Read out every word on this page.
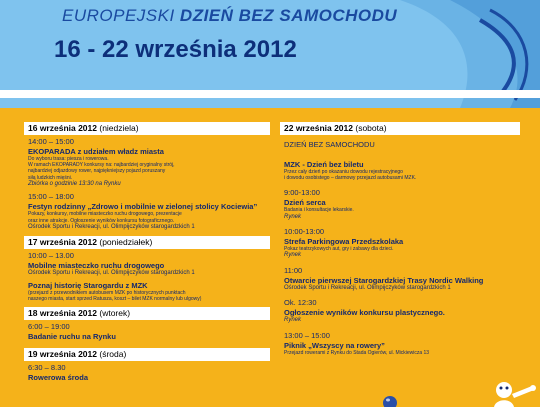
EUROPEJSKI DZIEŃ BEZ SAMOCHODU
16 - 22 września 2012
16 września 2012 (niedziela)
14:00 – 15:00
EKOPARADA z udziałem władz miasta
Do wyboru trasa: piesza i rowerowa.
W ramach EKOPARADY konkursy na: najbardziej oryginalny strój,
najbardziej odjazdowy rower, najpiękniejszy pojazd poruszany
siłą ludzkich mięśni.
Zbiórka o godzinie 13:30 na Rynku
15:00 – 18:00
Festyn rodzinny „Zdrowo i mobilnie w zielonej stolicy Kociewia”
Pokazy, konkursy, mobilne miasteczko ruchu drogowego, prezentacje
oraz inne atrakcje. Ogłoszenie wyników konkursu fotograficznego.
Ośrodek Sportu i Rekreacji, ul. Olimpijczyków starogardzkich 1
17 września 2012 (poniedziałek)
10:00 – 13.00
Mobilne miasteczko ruchu drogowego
Ośrodek Sportu i Rekreacji, ul. Olimpijczyków starogardzkich 1
Poznaj historię Starogardu z MZK
(przejazd z przewodnikiem autobusem MZK po historycznych punktach
naszego miasta, start sprzed Ratusza, koszt – bilet MZK normalny lub ulgowy)
18 września 2012 (wtorek)
6:00 – 19:00
Badanie ruchu na Rynku
19 września 2012 (środa)
6:30 – 8.30
Rowerowa środa
22 września 2012 (sobota)
DZIEŃ BEZ SAMOCHODU
MZK - Dzień bez biletu
Przez cały dzień po okazaniu dowodu rejestracyjnego
i dowodu osobistego – darmowy przejazd autobusami MZK.
9:00-13:00
Dzień serca
Badania i konsultacje lekarskie.
Rynek
10:00-13:00
Strefa Parkingowa Przedszkolaka
Pokaz teatrzykowych aut, gry i zabawy dla dzieci.
Rynek
11:00
Otwarcie pierwszej Starogardzkiej Trasy Nordic Walking
Ośrodek Sportu i Rekreacji, ul. Olimpijczyków starogardzkich 1
Ok. 12:30
Ogłoszenie wyników konkursu plastycznego.
Rynek
13:00 – 15:00
Piknik „Wszyscy na rowery”
Przejazd rowerami z Rynku do Stada Ogierów, ul. Mickiewicza 13
